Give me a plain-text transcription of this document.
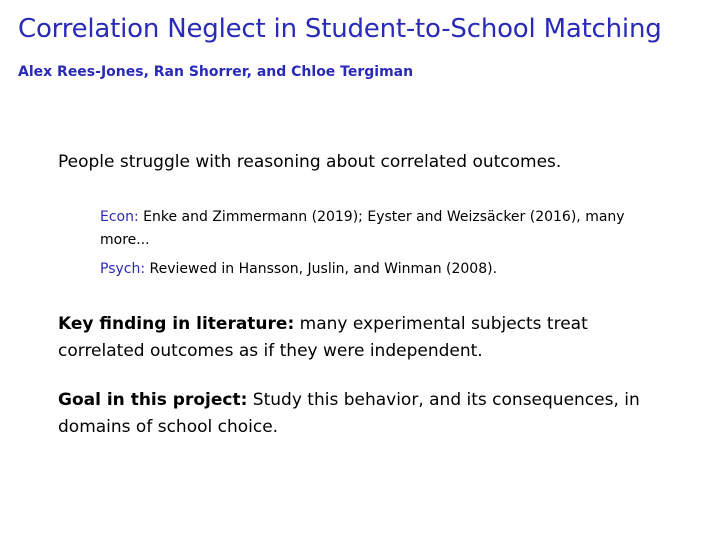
Correlation Neglect in Student-to-School Matching
Alex Rees-Jones, Ran Shorrer, and Chloe Tergiman
People struggle with reasoning about correlated outcomes.
Econ: Enke and Zimmermann (2019); Eyster and Weizsäcker (2016), many more...
Psych: Reviewed in Hansson, Juslin, and Winman (2008).
Key finding in literature: many experimental subjects treat correlated outcomes as if they were independent.
Goal in this project: Study this behavior, and its consequences, in domains of school choice.
